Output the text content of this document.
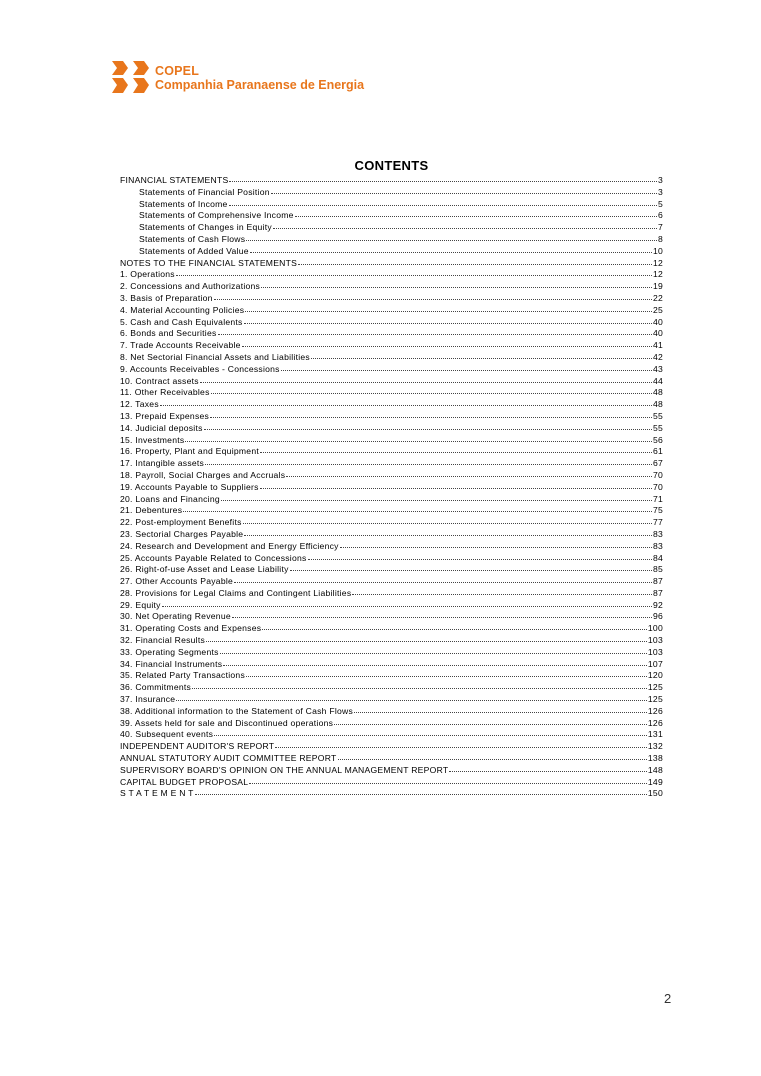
COPEL
Companhia Paranaense de Energia
CONTENTS
FINANCIAL STATEMENTS	3
Statements of Financial Position	3
Statements of Income	5
Statements of Comprehensive Income	6
Statements of Changes in Equity	7
Statements of Cash Flows	8
Statements of Added Value	10
NOTES TO THE FINANCIAL STATEMENTS	12
1. Operations	12
2. Concessions and Authorizations	19
3. Basis of Preparation	22
4. Material Accounting Policies	25
5. Cash and Cash Equivalents	40
6. Bonds and Securities	40
7. Trade Accounts Receivable	41
8. Net Sectorial Financial Assets and Liabilities	42
9. Accounts Receivables - Concessions	43
10. Contract assets	44
11. Other Receivables	48
12. Taxes	48
13. Prepaid Expenses	55
14. Judicial deposits	55
15. Investments	56
16. Property, Plant and Equipment	61
17. Intangible assets	67
18. Payroll, Social Charges and Accruals	70
19. Accounts Payable to Suppliers	70
20. Loans and Financing	71
21. Debentures	75
22. Post-employment Benefits	77
23. Sectorial Charges Payable	83
24. Research and Development and Energy Efficiency	83
25. Accounts Payable Related to Concessions	84
26. Right-of-use Asset and Lease Liability	85
27. Other Accounts Payable	87
28. Provisions for Legal Claims and Contingent Liabilities	87
29. Equity	92
30. Net Operating Revenue	96
31. Operating Costs and Expenses	100
32. Financial Results	103
33. Operating Segments	103
34. Financial Instruments	107
35. Related Party Transactions	120
36. Commitments	125
37. Insurance	125
38. Additional information to the Statement of Cash Flows	126
39. Assets held for sale and Discontinued operations	126
40. Subsequent events	131
INDEPENDENT AUDITOR'S REPORT	132
ANNUAL STATUTORY AUDIT COMMITTEE REPORT	138
SUPERVISORY BOARD'S OPINION ON THE ANNUAL MANAGEMENT REPORT	148
CAPITAL BUDGET PROPOSAL	149
S T A T E M E N T	150
2
